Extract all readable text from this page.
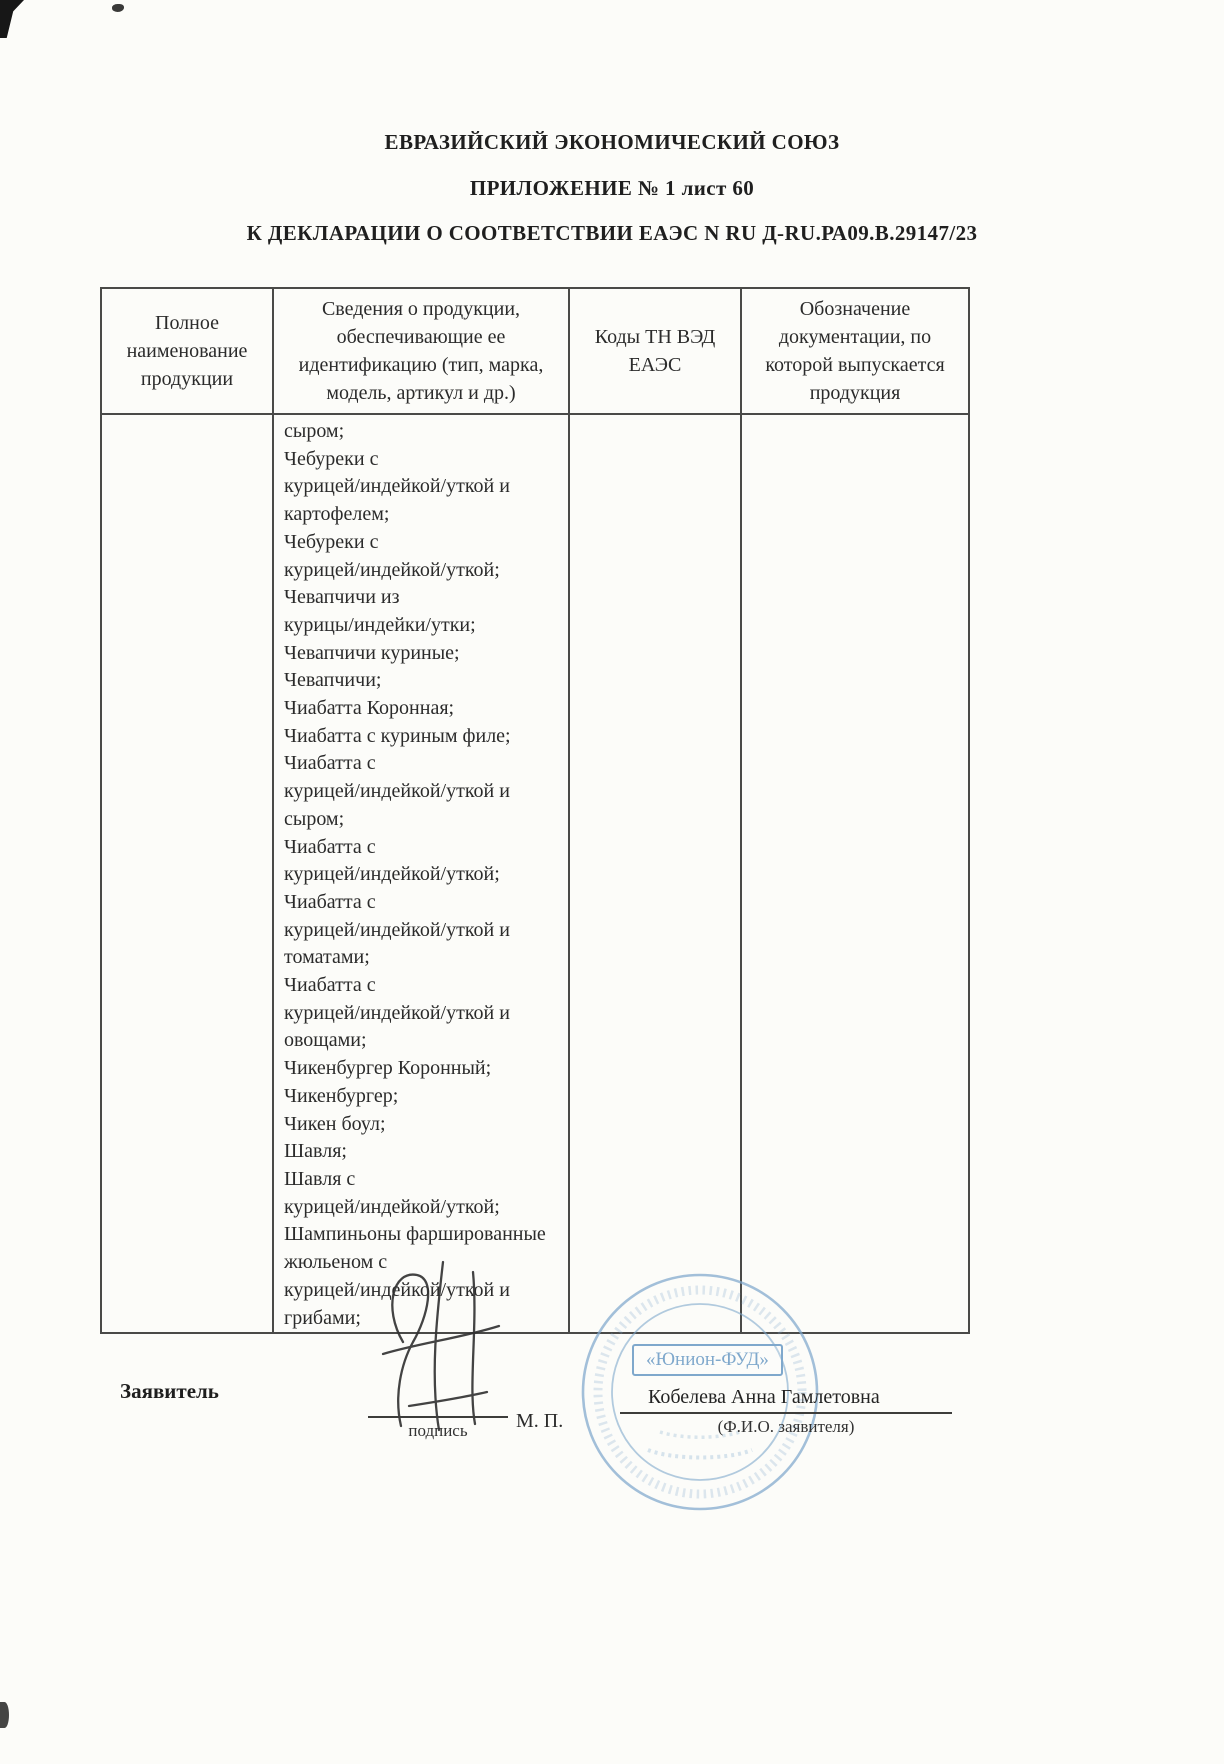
ЕВРАЗИЙСКИЙ ЭКОНОМИЧЕСКИЙ СОЮЗ
ПРИЛОЖЕНИЕ № 1 лист 60
К ДЕКЛАРАЦИИ О СООТВЕТСТВИИ ЕАЭС N RU Д-RU.РА09.В.29147/23
Полное наименование продукции	Сведения о продукции, обеспечивающие ее идентификацию (тип, марка, модель, артикул и др.)	Коды ТН ВЭД ЕАЭС	Обозначение документации, по которой выпускается продукция

сыром;
Чебуреки с
курицей/индейкой/уткой и
картофелем;
Чебуреки с
курицей/индейкой/уткой;
Чевапчичи из
курицы/индейки/утки;
Чевапчичи куриные;
Чевапчичи;
Чиабатта Коронная;
Чиабатта с куриным филе;
Чиабатта с
курицей/индейкой/уткой и
сыром;
Чиабатта с
курицей/индейкой/уткой;
Чиабатта с
курицей/индейкой/уткой и
томатами;
Чиабатта с
курицей/индейкой/уткой и
овощами;
Чикенбургер Коронный;
Чикенбургер;
Чикен боул;
Шавля;
Шавля с
курицей/индейкой/уткой;
Шампиньоны фаршированные
жюльеном с
курицей/индейкой/уткой и
грибами;

Заявитель
подпись	М. П.
«Юнион-ФУД»
Кобелева Анна Гамлетовна
(Ф.И.О. заявителя)
